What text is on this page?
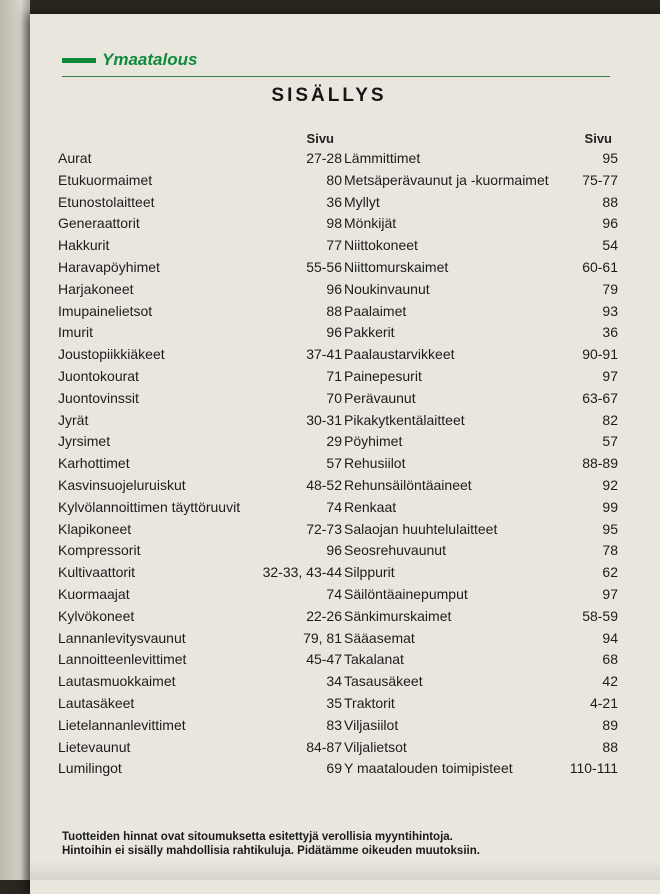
Ymaatalous
SISÄLLYS
Sivu
Aurat	27-28
Etukuormaimet	80
Etunostolaitteet	36
Generaattorit	98
Hakkurit	77
Haravapöyhimet	55-56
Harjakoneet	96
Imupainelietsot	88
Imurit	96
Joustopiikkiäkeet	37-41
Juontokourat	71
Juontovinssit	70
Jyrät	30-31
Jyrsimet	29
Karhottimet	57
Kasvinsuojeluruiskut	48-52
Kylvölannoittimen täyttöruuvit	74
Klapikoneet	72-73
Kompressorit	96
Kultivaattorit	32-33, 43-44
Kuormaajat	74
Kylvökoneet	22-26
Lannanlevitysvaunut	79, 81
Lannoitteenlevittimet	45-47
Lautasmuokkaimet	34
Lautasäkeet	35
Lietelannanlevittimet	83
Lietevaunut	84-87
Lumilingot	69
Sivu
Lämmittimet	95
Metsäperävaunut ja -kuormaimet 75-77
Myllyt	88
Mönkijät	96
Niittokoneet	54
Niittomurskaimet	60-61
Noukinvaunut	79
Paalaimet	93
Pakkerit	36
Paalaustarvikkeet	90-91
Painepesurit	97
Perävaunut	63-67
Pikakytkentälaitteet	82
Pöyhimet	57
Rehusiilot	88-89
Rehunsäilöntäaineet	92
Renkaat	99
Salaojan huuhtelulaitteet	95
Seosrehuvaunut	78
Silppurit	62
Säilöntäainepumput	97
Sänkimurskaimet	58-59
Sääasemat	94
Takalanat	68
Tasausäkeet	42
Traktorit	4-21
Viljasiilot	89
Viljalietsot	88
Y maatalouden toimipisteet	110-111
Tuotteiden hinnat ovat sitoumuksetta esitettyjä verollisia myyntihintoja.
Hintoihin ei sisälly mahdollisia rahtikuluja. Pidätämme oikeuden muutoksiin.
